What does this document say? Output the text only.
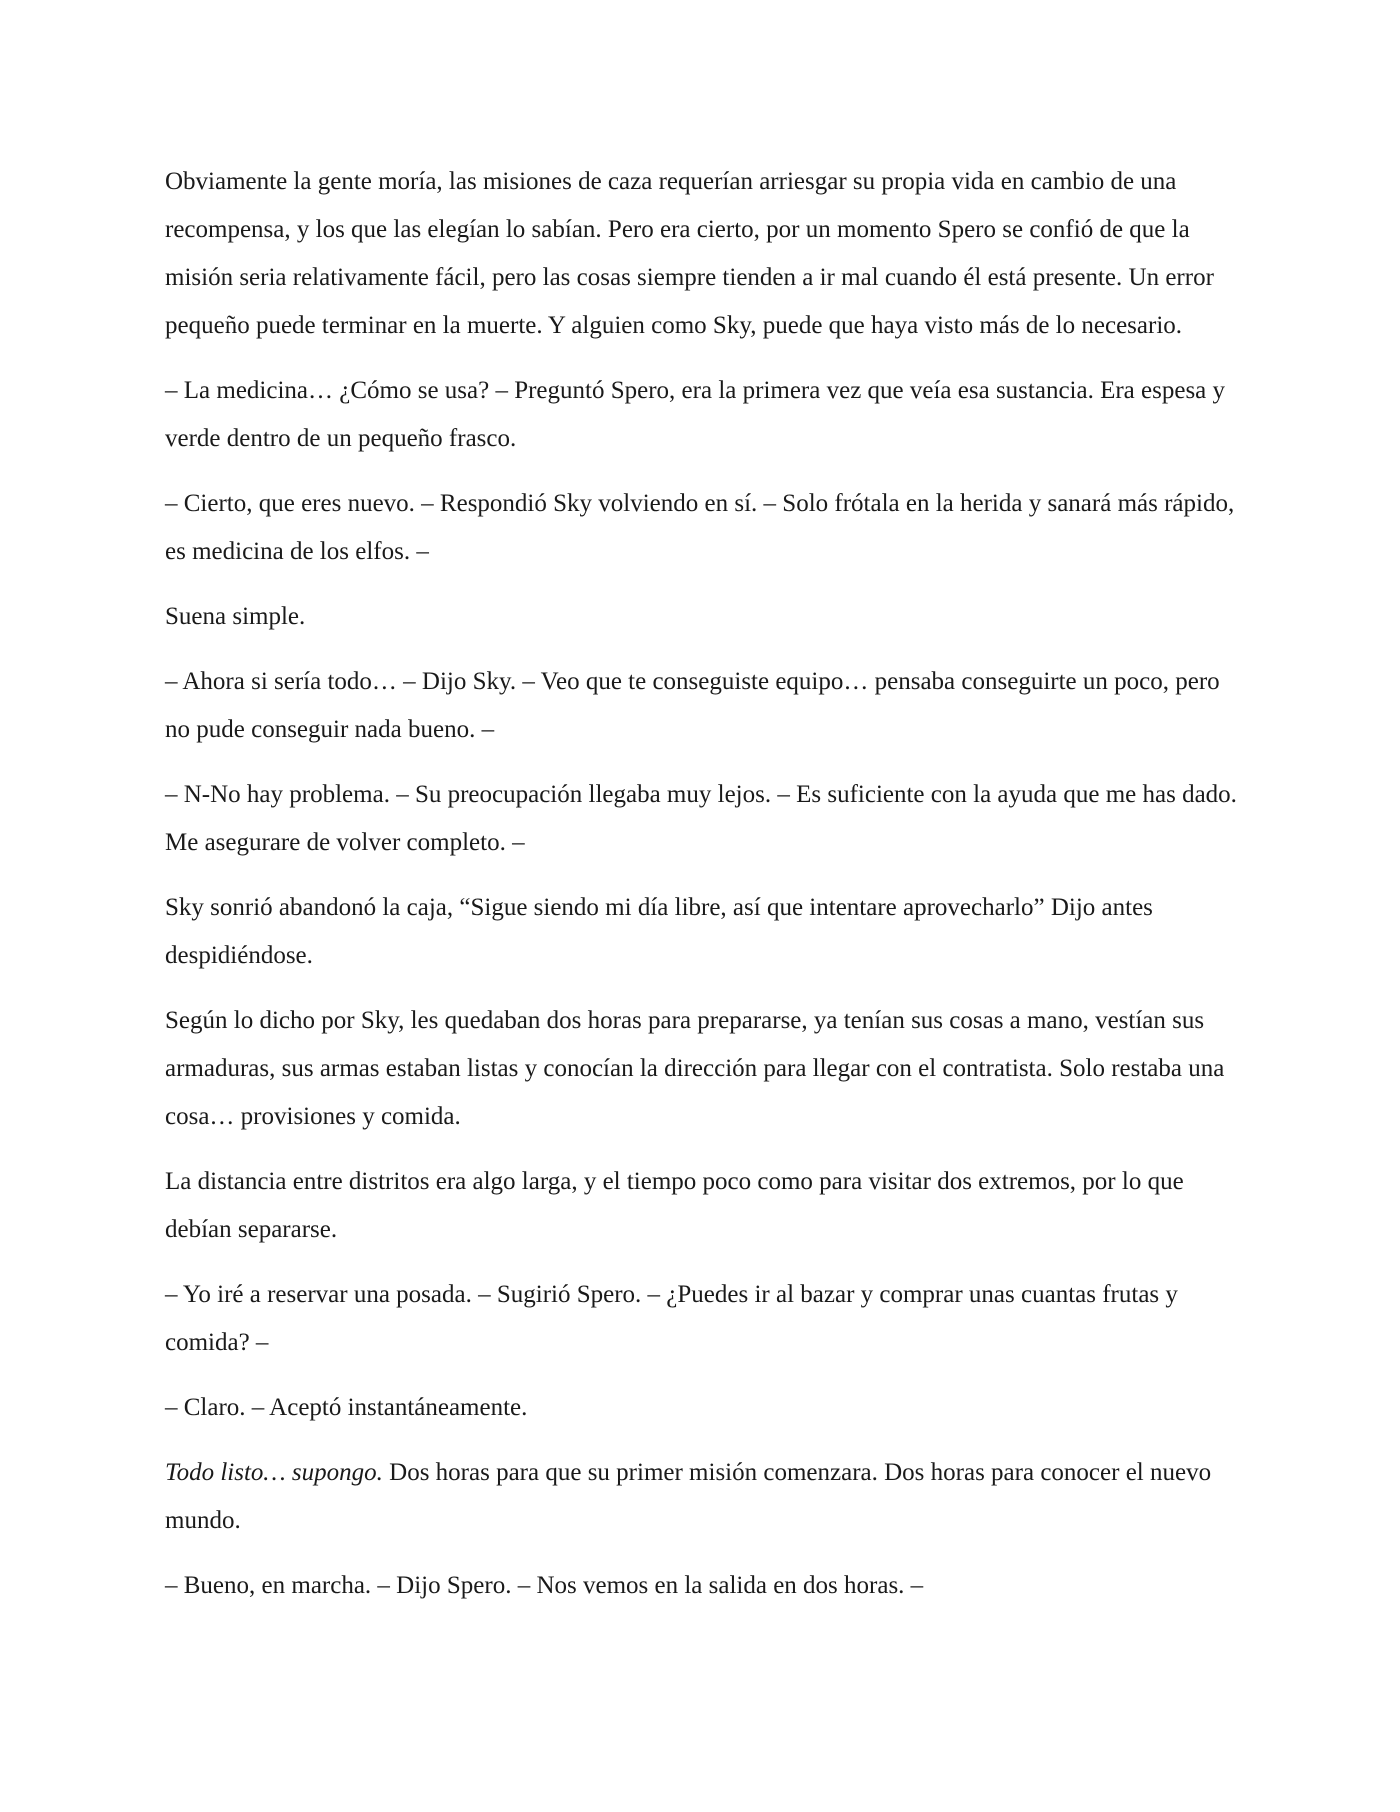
Obviamente la gente moría, las misiones de caza requerían arriesgar su propia vida en cambio de una recompensa, y los que las elegían lo sabían. Pero era cierto, por un momento Spero se confió de que la misión seria relativamente fácil, pero las cosas siempre tienden a ir mal cuando él está presente. Un error pequeño puede terminar en la muerte. Y alguien como Sky, puede que haya visto más de lo necesario.

– La medicina… ¿Cómo se usa? – Preguntó Spero, era la primera vez que veía esa sustancia. Era espesa y verde dentro de un pequeño frasco.

– Cierto, que eres nuevo. – Respondió Sky volviendo en sí. – Solo frótala en la herida y sanará más rápido, es medicina de los elfos. –

Suena simple.

– Ahora si sería todo… – Dijo Sky. – Veo que te conseguiste equipo… pensaba conseguirte un poco, pero no pude conseguir nada bueno. –

– N-No hay problema. – Su preocupación llegaba muy lejos. – Es suficiente con la ayuda que me has dado. Me asegurare de volver completo. –

Sky sonrió abandonó la caja, “Sigue siendo mi día libre, así que intentare aprovecharlo” Dijo antes despidiéndose.

Según lo dicho por Sky, les quedaban dos horas para prepararse, ya tenían sus cosas a mano, vestían sus armaduras, sus armas estaban listas y conocían la dirección para llegar con el contratista. Solo restaba una cosa… provisiones y comida.

La distancia entre distritos era algo larga, y el tiempo poco como para visitar dos extremos, por lo que debían separarse.

– Yo iré a reservar una posada. – Sugirió Spero. – ¿Puedes ir al bazar y comprar unas cuantas frutas y comida? –

– Claro. – Aceptó instantáneamente.

Todo listo… supongo. Dos horas para que su primer misión comenzara. Dos horas para conocer el nuevo mundo.

– Bueno, en marcha. – Dijo Spero. – Nos vemos en la salida en dos horas. –
